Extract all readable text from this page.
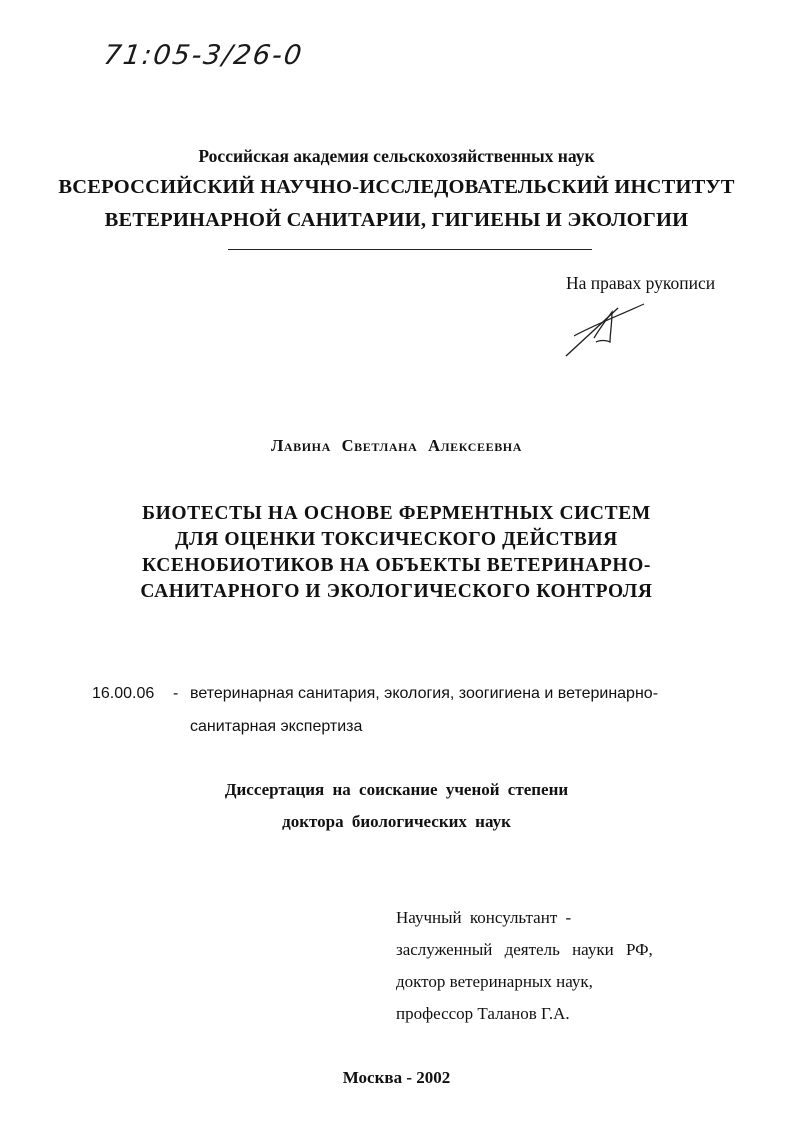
71:05-3/26-0
Российская академия сельскохозяйственных наук
ВСЕРОССИЙСКИЙ НАУЧНО-ИССЛЕДОВАТЕЛЬСКИЙ ИНСТИТУТ
ВЕТЕРИНАРНОЙ САНИТАРИИ, ГИГИЕНЫ И ЭКОЛОГИИ
На правах рукописи
Лавина Светлана Алексеевна
БИОТЕСТЫ НА ОСНОВЕ ФЕРМЕНТНЫХ СИСТЕМ
ДЛЯ ОЦЕНКИ ТОКСИЧЕСКОГО ДЕЙСТВИЯ
КСЕНОБИОТИКОВ НА ОБЪЕКТЫ ВЕТЕРИНАРНО-
САНИТАРНОГО И ЭКОЛОГИЧЕСКОГО КОНТРОЛЯ
16.00.06 - ветеринарная санитария, экология, зоогигиена и ветеринарно-
санитарная экспертиза
Диссертация на соискание ученой степени
доктора биологических наук
Научный консультант -
заслуженный деятель науки РФ,
доктор ветеринарных наук,
профессор Таланов Г.А.
Москва - 2002
